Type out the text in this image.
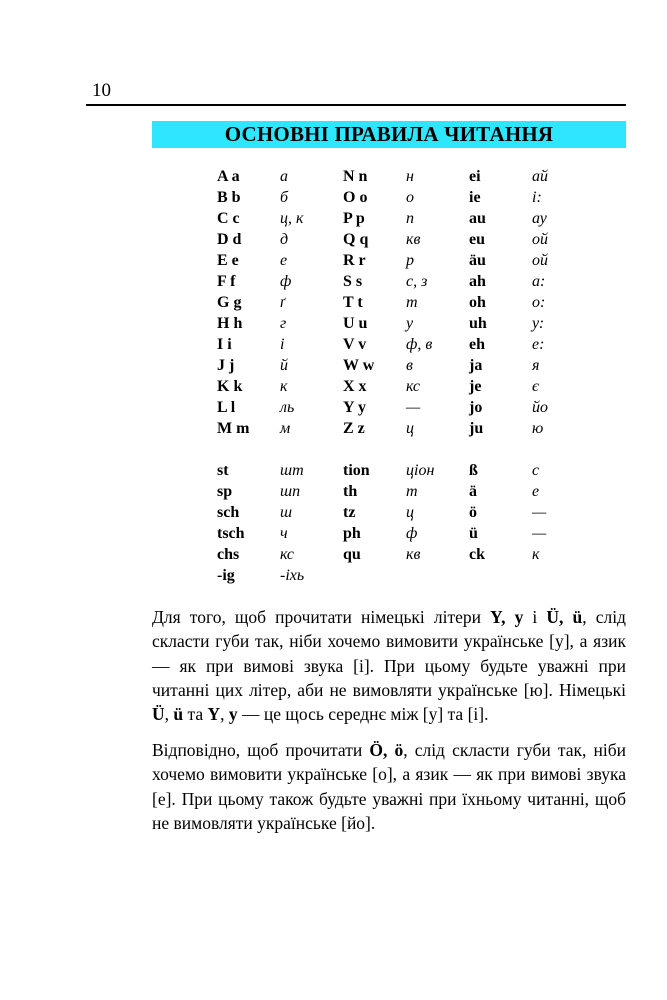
10
ОСНОВНІ ПРАВИЛА ЧИТАННЯ
A a	а	N n	н	ei	ай
B b	б	O o	о	ie	і:
C c	ц, к	P p	п	au	ау
D d	д	Q q	кв	eu	ой
E e	е	R r	р	äu	ой
F f	ф	S s	с, з	ah	а:
G g	ґ	T t	т	oh	о:
H h	г	U u	у	uh	у:
I i	і	V v	ф, в	eh	е:
J j	й	W w	в	ja	я
K k	к	X x	кс	je	є
L l	ль	Y y	—	jo	йо
M m	м	Z z	ц	ju	ю
st	шт	tion	ціон	ß	с
sp	шп	th	т	ä	е
sch	ш	tz	ц	ö	—
tsch	ч	ph	ф	ü	—
chs	кс	qu	кв	ck	к
-ig	-іхь
Для того, щоб прочитати німецькі літери Y, y і Ü, ü, слід скласти губи так, ніби хочемо вимовити українське [у], а язик — як при вимові звука [і]. При цьому будьте уважні при читанні цих літер, аби не вимовляти українське [ю]. Німецькі Ü, ü та Y, y — це щось середнє між [у] та [і].
Відповідно, щоб прочитати Ö, ö, слід скласти губи так, ніби хочемо вимовити українське [о], а язик — як при вимові звука [е]. При цьому також будьте уважні при їхньому читанні, щоб не вимовляти українське [йо].
